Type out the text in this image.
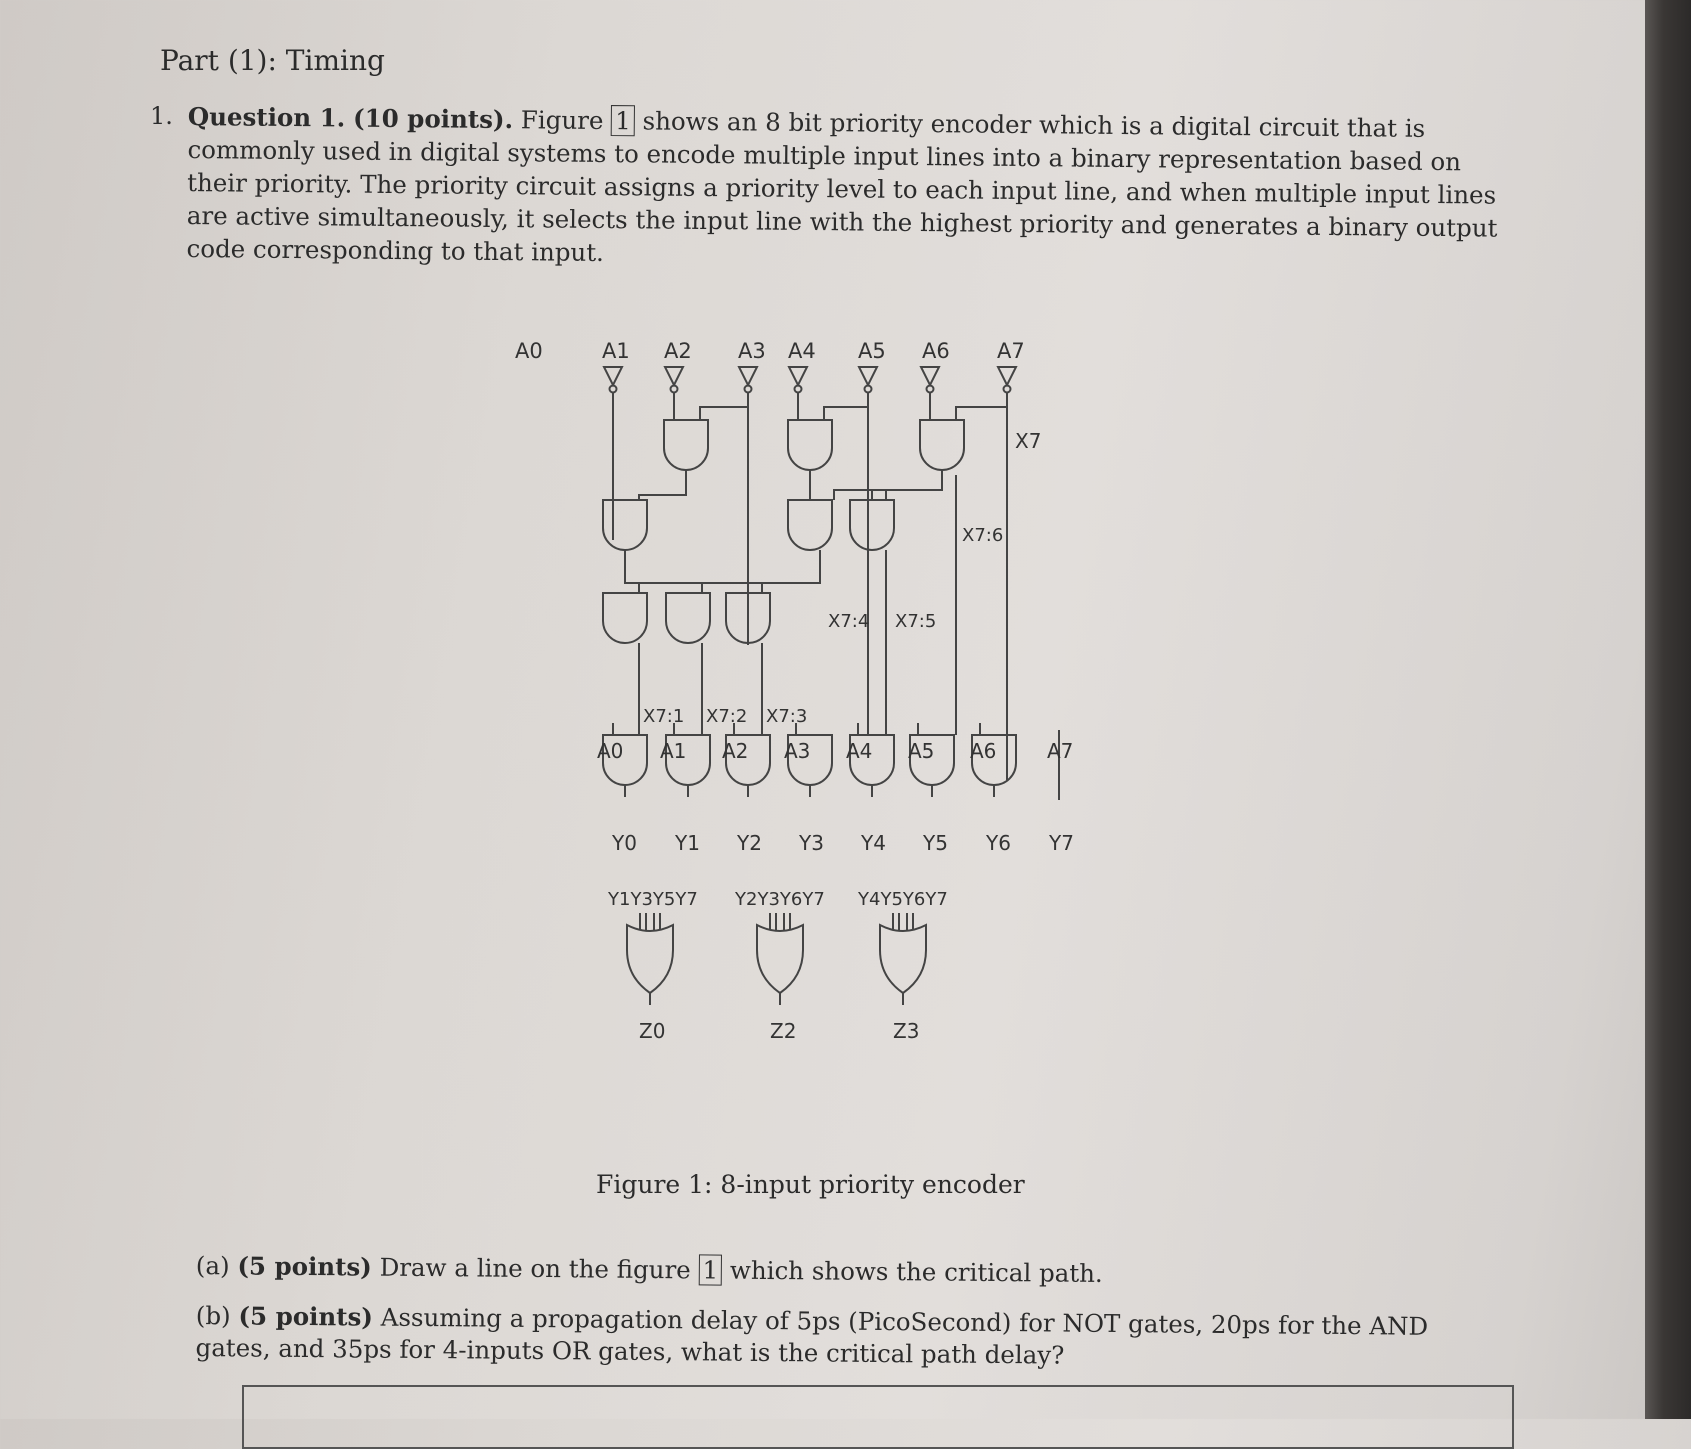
Part (1): Timing
1. Question 1. (10 points). Figure 1 shows an 8 bit priority encoder which is a digital circuit that is commonly used in digital systems to encode multiple input lines into a binary representation based on their priority. The priority circuit assigns a priority level to each input line, and when multiple input lines are active simultaneously, it selects the input line with the highest priority and generates a binary output code corresponding to that input.
A0	A1 A2 A3 A4 A5 A6 A7
X7
X7:6
X7:4 X7:5
X7:1 X7:2 X7:3
A0 A1 A2 A3 A4 A5 A6	A7
Y0 Y1 Y2 Y3 Y4 Y5 Y6 Y7
Y1Y3Y5Y7 Y2Y3Y6Y7 Y4Y5Y6Y7
Z0	Z2	Z3
Figure 1: 8-input priority encoder
(a) (5 points) Draw a line on the figure 1 which shows the critical path.
(b) (5 points) Assuming a propagation delay of 5ps (PicoSecond) for NOT gates, 20ps for the AND gates, and 35ps for 4-inputs OR gates, what is the critical path delay?
